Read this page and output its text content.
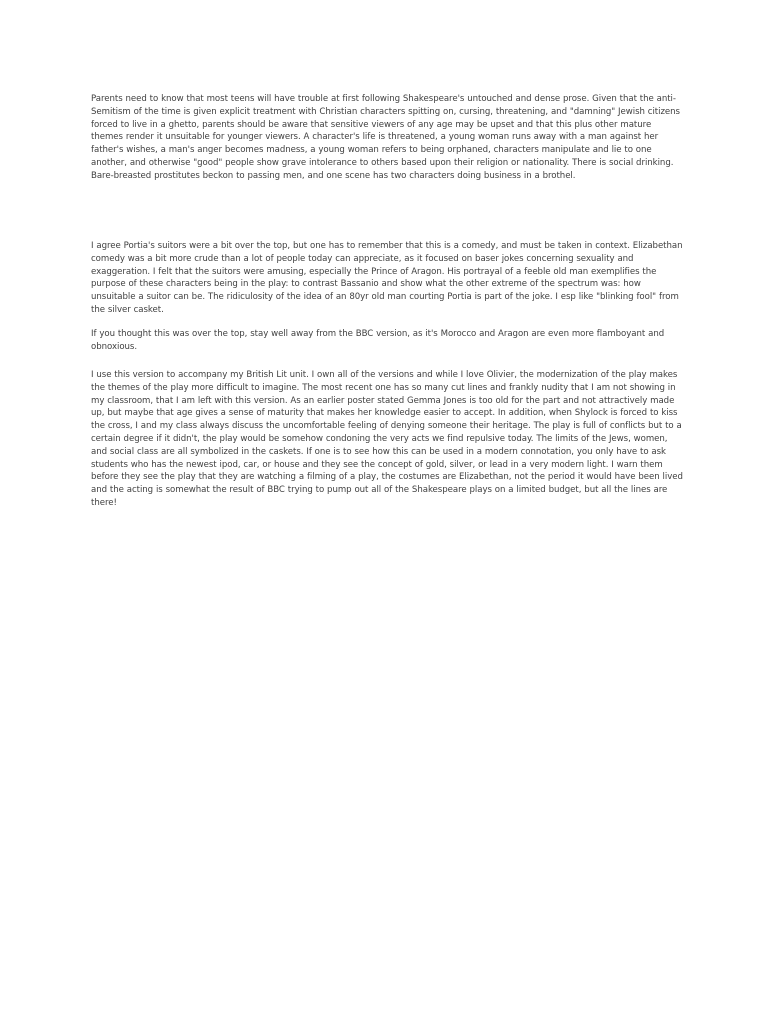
Parents need to know that most teens will have trouble at first following Shakespeare's untouched and dense prose. Given that the anti-Semitism of the time is given explicit treatment with Christian characters spitting on, cursing, threatening, and "damning" Jewish citizens forced to live in a ghetto, parents should be aware that sensitive viewers of any age may be upset and that this plus other mature themes render it unsuitable for younger viewers. A character's life is threatened, a young woman runs away with a man against her father's wishes, a man's anger becomes madness, a young woman refers to being orphaned, characters manipulate and lie to one another, and otherwise "good" people show grave intolerance to others based upon their religion or nationality. There is social drinking. Bare-breasted prostitutes beckon to passing men, and one scene has two characters doing business in a brothel.

I agree Portia's suitors were a bit over the top, but one has to remember that this is a comedy, and must be taken in context. Elizabethan comedy was a bit more crude than a lot of people today can appreciate, as it focused on baser jokes concerning sexuality and exaggeration. I felt that the suitors were amusing, especially the Prince of Aragon. His portrayal of a feeble old man exemplifies the purpose of these characters being in the play: to contrast Bassanio and show what the other extreme of the spectrum was: how unsuitable a suitor can be. The ridiculosity of the idea of an 80yr old man courting Portia is part of the joke. I esp like "blinking fool" from the silver casket.

If you thought this was over the top, stay well away from the BBC version, as it's Morocco and Aragon are even more flamboyant and obnoxious.

I use this version to accompany my British Lit unit. I own all of the versions and while I love Olivier, the modernization of the play makes the themes of the play more difficult to imagine. The most recent one has so many cut lines and frankly nudity that I am not showing in my classroom, that I am left with this version. As an earlier poster stated Gemma Jones is too old for the part and not attractively made up, but maybe that age gives a sense of maturity that makes her knowledge easier to accept. In addition, when Shylock is forced to kiss the cross, I and my class always discuss the uncomfortable feeling of denying someone their heritage. The play is full of conflicts but to a certain degree if it didn't, the play would be somehow condoning the very acts we find repulsive today. The limits of the Jews, women, and social class are all symbolized in the caskets. If one is to see how this can be used in a modern connotation, you only have to ask students who has the newest ipod, car, or house and they see the concept of gold, silver, or lead in a very modern light. I warn them before they see the play that they are watching a filming of a play, the costumes are Elizabethan, not the period it would have been lived and the acting is somewhat the result of BBC trying to pump out all of the Shakespeare plays on a limited budget, but all the lines are there!
